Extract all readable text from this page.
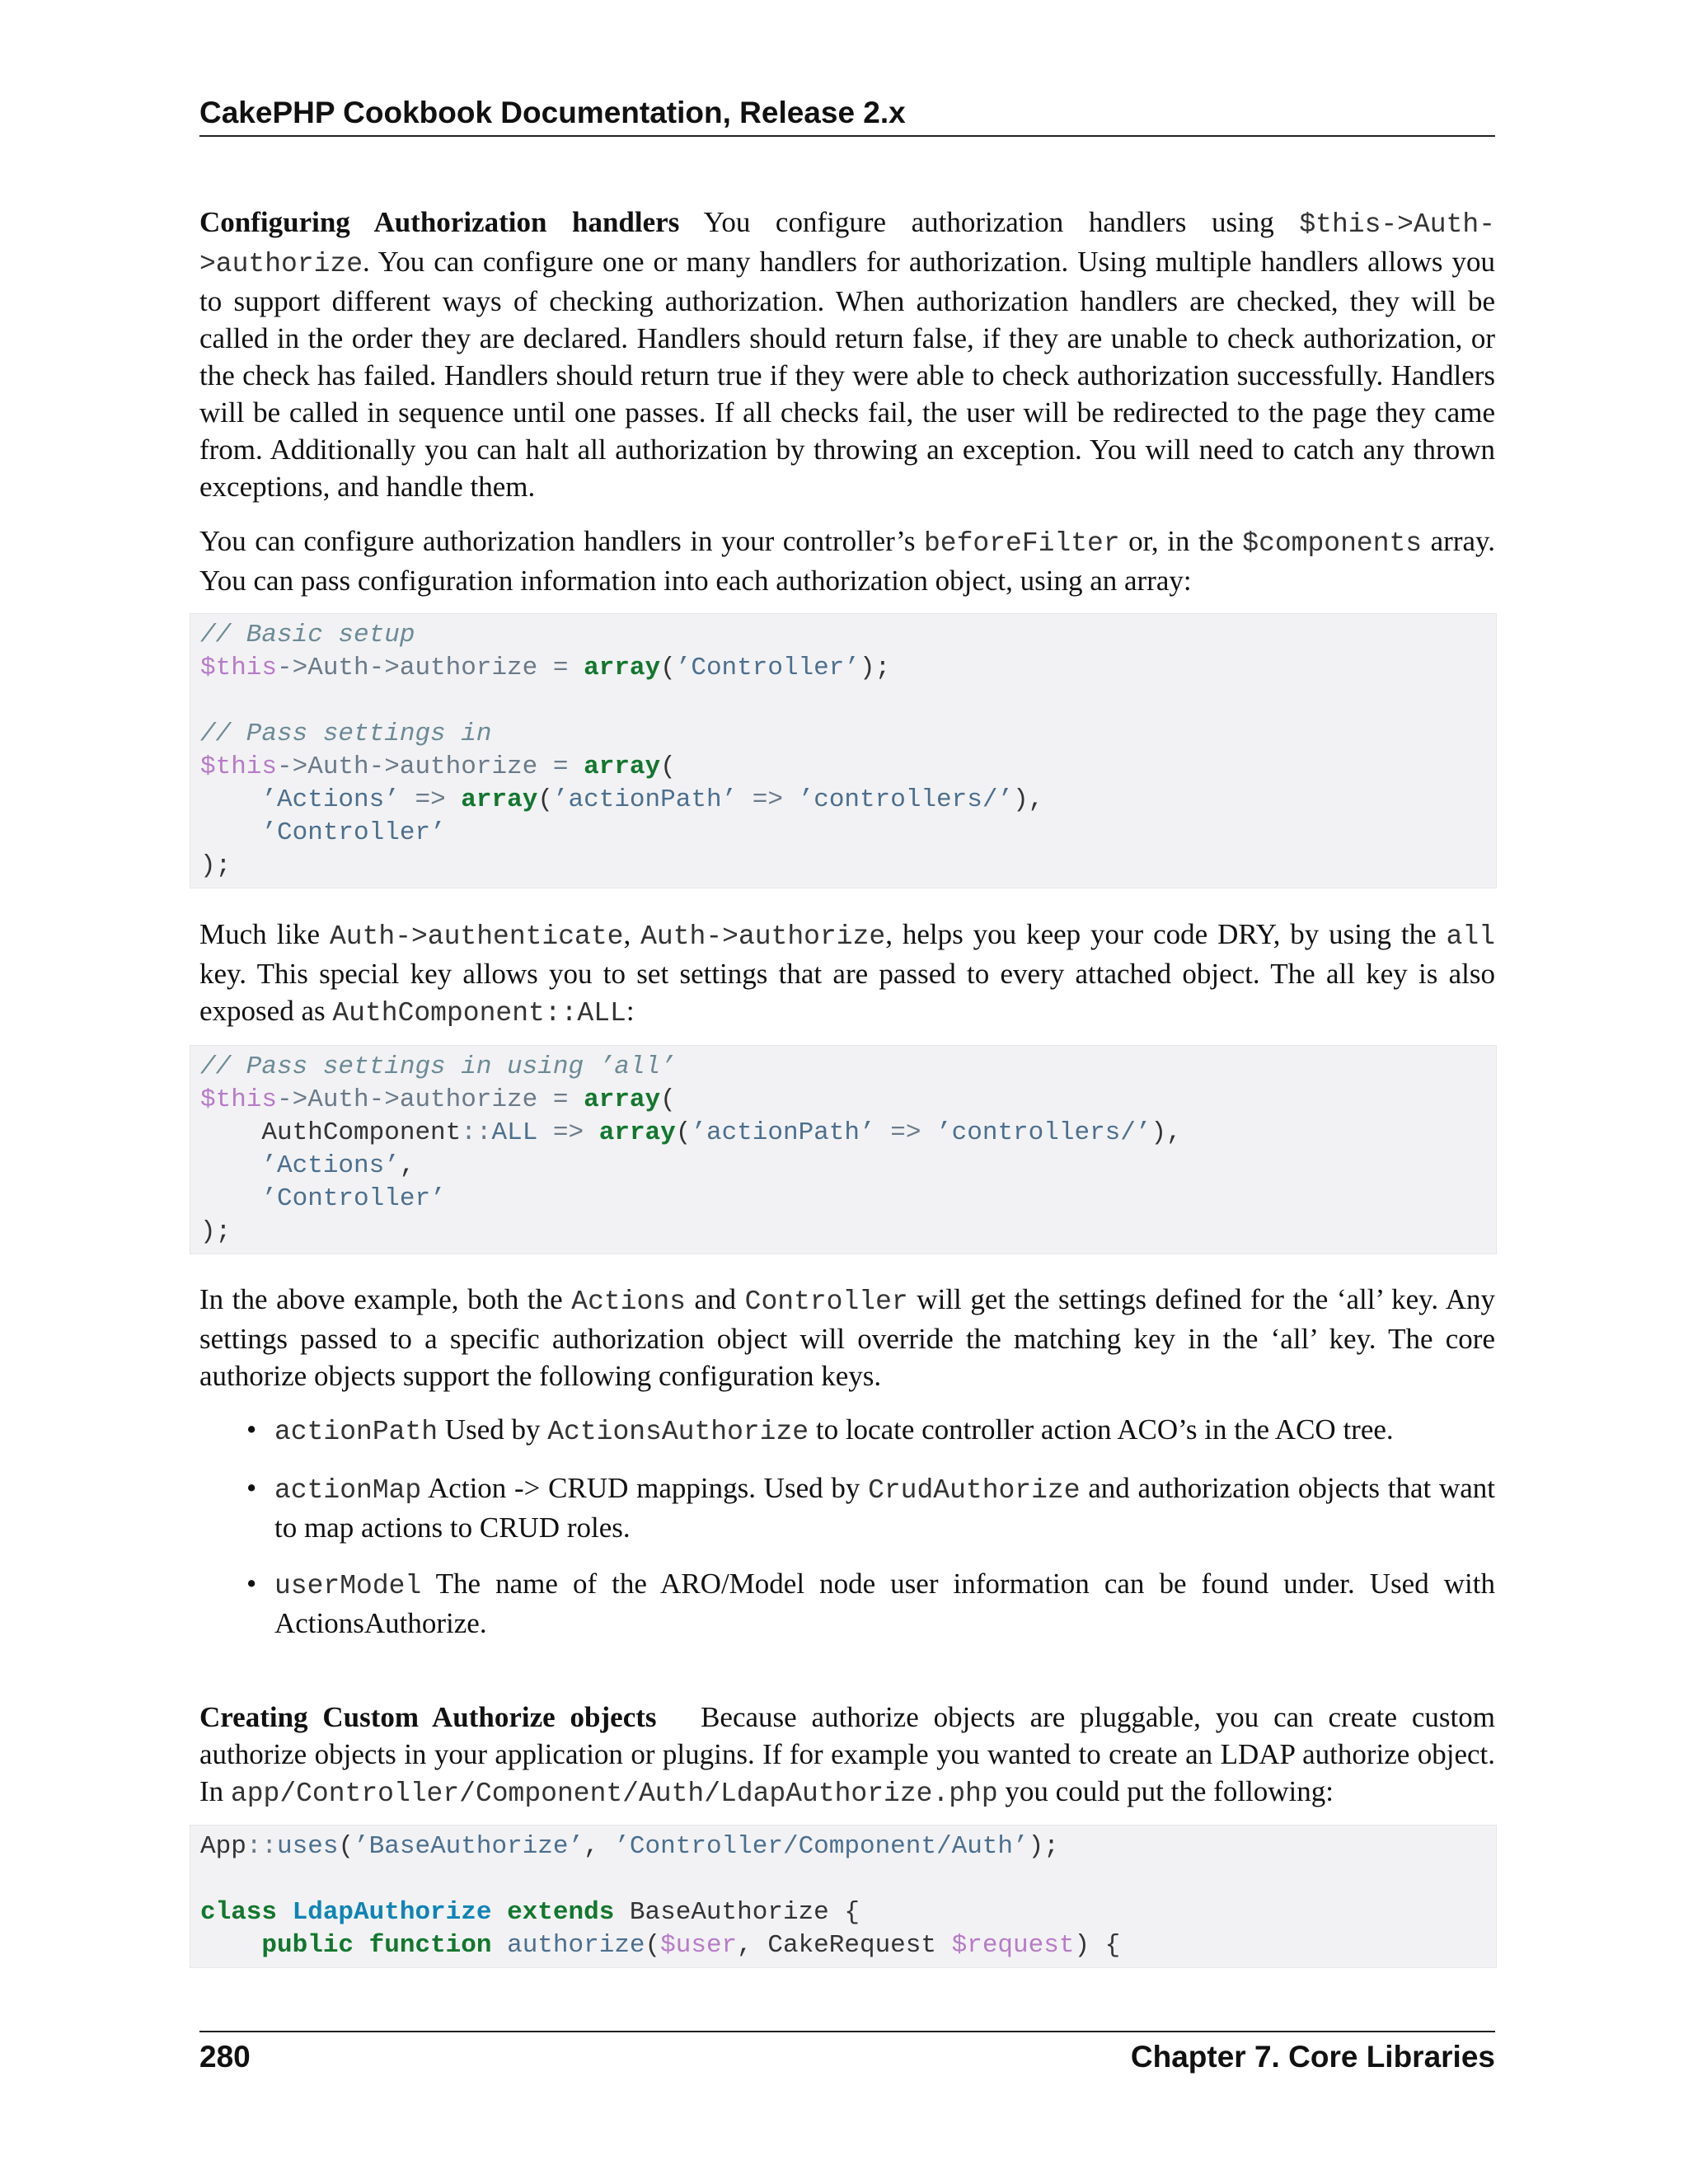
CakePHP Cookbook Documentation, Release 2.x

Configuring Authorization handlers You configure authorization handlers using $this->Auth->authorize. You can configure one or many handlers for authorization. Using multiple handlers allows you to support different ways of checking authorization. When authorization handlers are checked, they will be called in the order they are declared. Handlers should return false, if they are unable to check authorization, or the check has failed. Handlers should return true if they were able to check authorization successfully. Handlers will be called in sequence until one passes. If all checks fail, the user will be redirected to the page they came from. Additionally you can halt all authorization by throwing an exception. You will need to catch any thrown exceptions, and handle them.

You can configure authorization handlers in your controller’s beforeFilter or, in the $components array. You can pass configuration information into each authorization object, using an array:

// Basic setup
$this->Auth->authorize = array(’Controller’);

// Pass settings in
$this->Auth->authorize = array(
’Actions’ => array(’actionPath’ => ’controllers/’),
’Controller’
);

Much like Auth->authenticate, Auth->authorize, helps you keep your code DRY, by using the all key. This special key allows you to set settings that are passed to every attached object. The all key is also exposed as AuthComponent::ALL:

// Pass settings in using ’all’
$this->Auth->authorize = array(
AuthComponent::ALL => array(’actionPath’ => ’controllers/’),
’Actions’,
’Controller’
);

In the above example, both the Actions and Controller will get the settings defined for the ‘all’ key. Any settings passed to a specific authorization object will override the matching key in the ‘all’ key. The core authorize objects support the following configuration keys.

• actionPath Used by ActionsAuthorize to locate controller action ACO’s in the ACO tree.
• actionMap Action -> CRUD mappings. Used by CrudAuthorize and authorization objects that want to map actions to CRUD roles.
• userModel The name of the ARO/Model node user information can be found under. Used with ActionsAuthorize.

Creating Custom Authorize objects Because authorize objects are pluggable, you can create custom authorize objects in your application or plugins. If for example you wanted to create an LDAP authorize object. In app/Controller/Component/Auth/LdapAuthorize.php you could put the following:

App::uses(’BaseAuthorize’, ’Controller/Component/Auth’);

class LdapAuthorize extends BaseAuthorize {
public function authorize($user, CakeRequest $request) {
280	Chapter 7. Core Libraries
